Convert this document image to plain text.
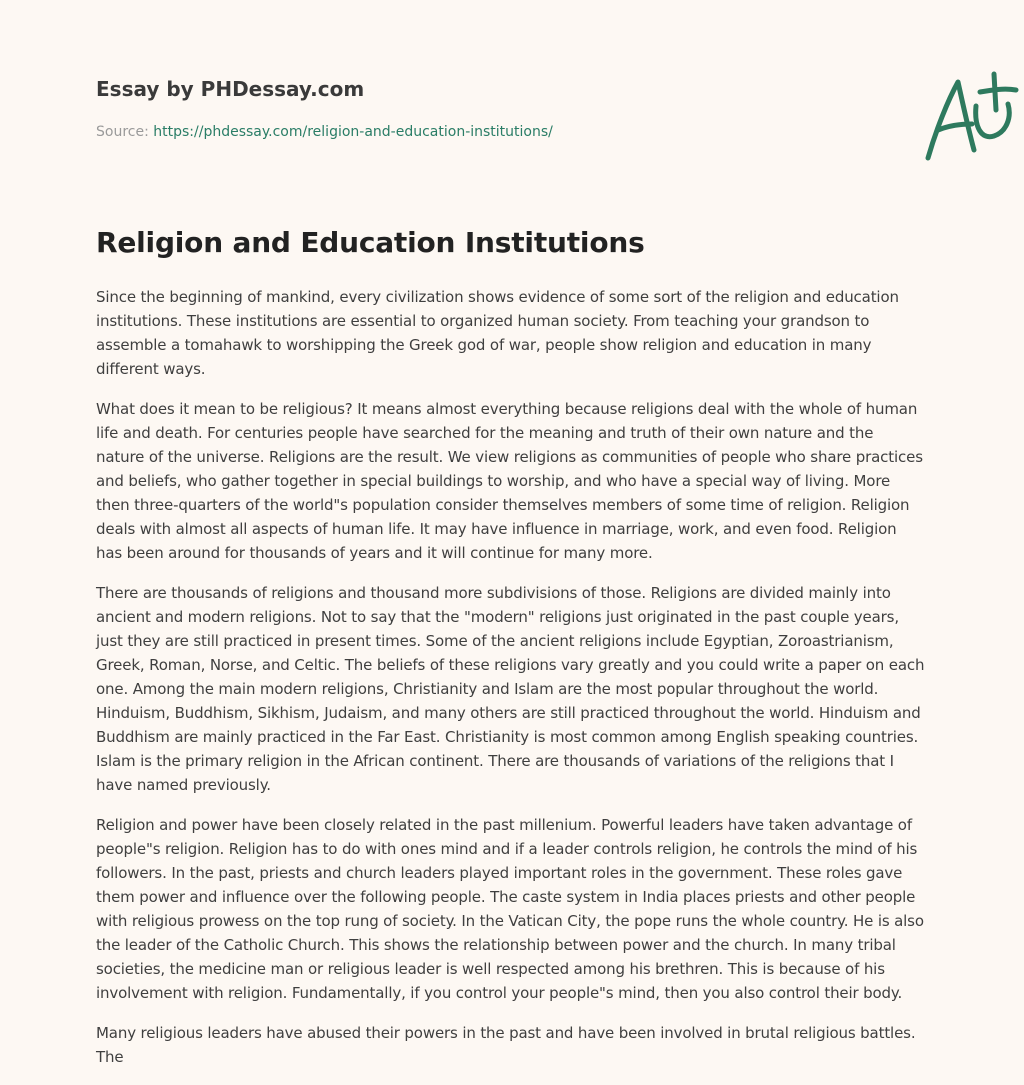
Essay by PHDessay.com
Source: https://phdessay.com/religion-and-education-institutions/
Religion and Education Institutions

Since the beginning of mankind, every civilization shows evidence of some sort of the religion and education institutions. These institutions are essential to organized human society. From teaching your grandson to assemble a tomahawk to worshipping the Greek god of war, people show religion and education in many different ways.

What does it mean to be religious? It means almost everything because religions deal with the whole of human life and death. For centuries people have searched for the meaning and truth of their own nature and the nature of the universe. Religions are the result. We view religions as communities of people who share practices and beliefs, who gather together in special buildings to worship, and who have a special way of living. More then three-quarters of the world"s population consider themselves members of some time of religion. Religion deals with almost all aspects of human life. It may have influence in marriage, work, and even food. Religion has been around for thousands of years and it will continue for many more.

There are thousands of religions and thousand more subdivisions of those. Religions are divided mainly into ancient and modern religions. Not to say that the "modern" religions just originated in the past couple years, just they are still practiced in present times. Some of the ancient religions include Egyptian, Zoroastrianism, Greek, Roman, Norse, and Celtic. The beliefs of these religions vary greatly and you could write a paper on each one. Among the main modern religions, Christianity and Islam are the most popular throughout the world. Hinduism, Buddhism, Sikhism, Judaism, and many others are still practiced throughout the world. Hinduism and Buddhism are mainly practiced in the Far East. Christianity is most common among English speaking countries. Islam is the primary religion in the African continent. There are thousands of variations of the religions that I have named previously.

Religion and power have been closely related in the past millenium. Powerful leaders have taken advantage of people"s religion. Religion has to do with ones mind and if a leader controls religion, he controls the mind of his followers. In the past, priests and church leaders played important roles in the government. These roles gave them power and influence over the following people. The caste system in India places priests and other people with religious prowess on the top rung of society. In the Vatican City, the pope runs the whole country. He is also the leader of the Catholic Church. This shows the relationship between power and the church. In many tribal societies, the medicine man or religious leader is well respected among his brethren. This is because of his involvement with religion. Fundamentally, if you control your people"s mind, then you also control their body.

Many religious leaders have abused their powers in the past and have been involved in brutal religious battles. The
